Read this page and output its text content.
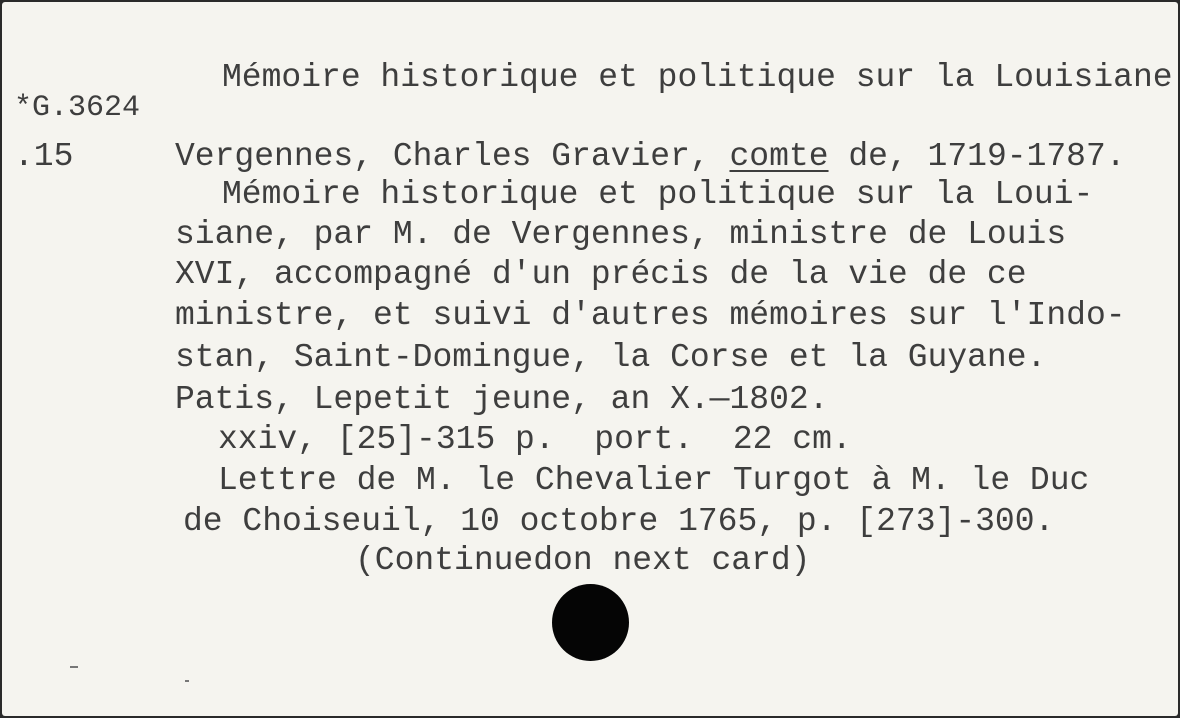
Mémoire historique et politique sur la Louisiane
*G.3624
.15	Vergennes, Charles Gravier, comte de, 1719-1787.
Mémoire historique et politique sur la Loui-
siane, par M. de Vergennes, ministre de Louis
XVI, accompagné d'un précis de la vie de ce
ministre, et suivi d'autres mémoires sur l'Indo-
stan, Saint-Domingue, la Corse et la Guyane.
Patis, Lepetit jeune, an X.—1802.
xxiv, [25]-315 p.  port.  22 cm.
Lettre de M. le Chevalier Turgot à M. le Duc
de Choiseuil, 10 octobre 1765, p. [273]-300.
(Continuedon next card)
